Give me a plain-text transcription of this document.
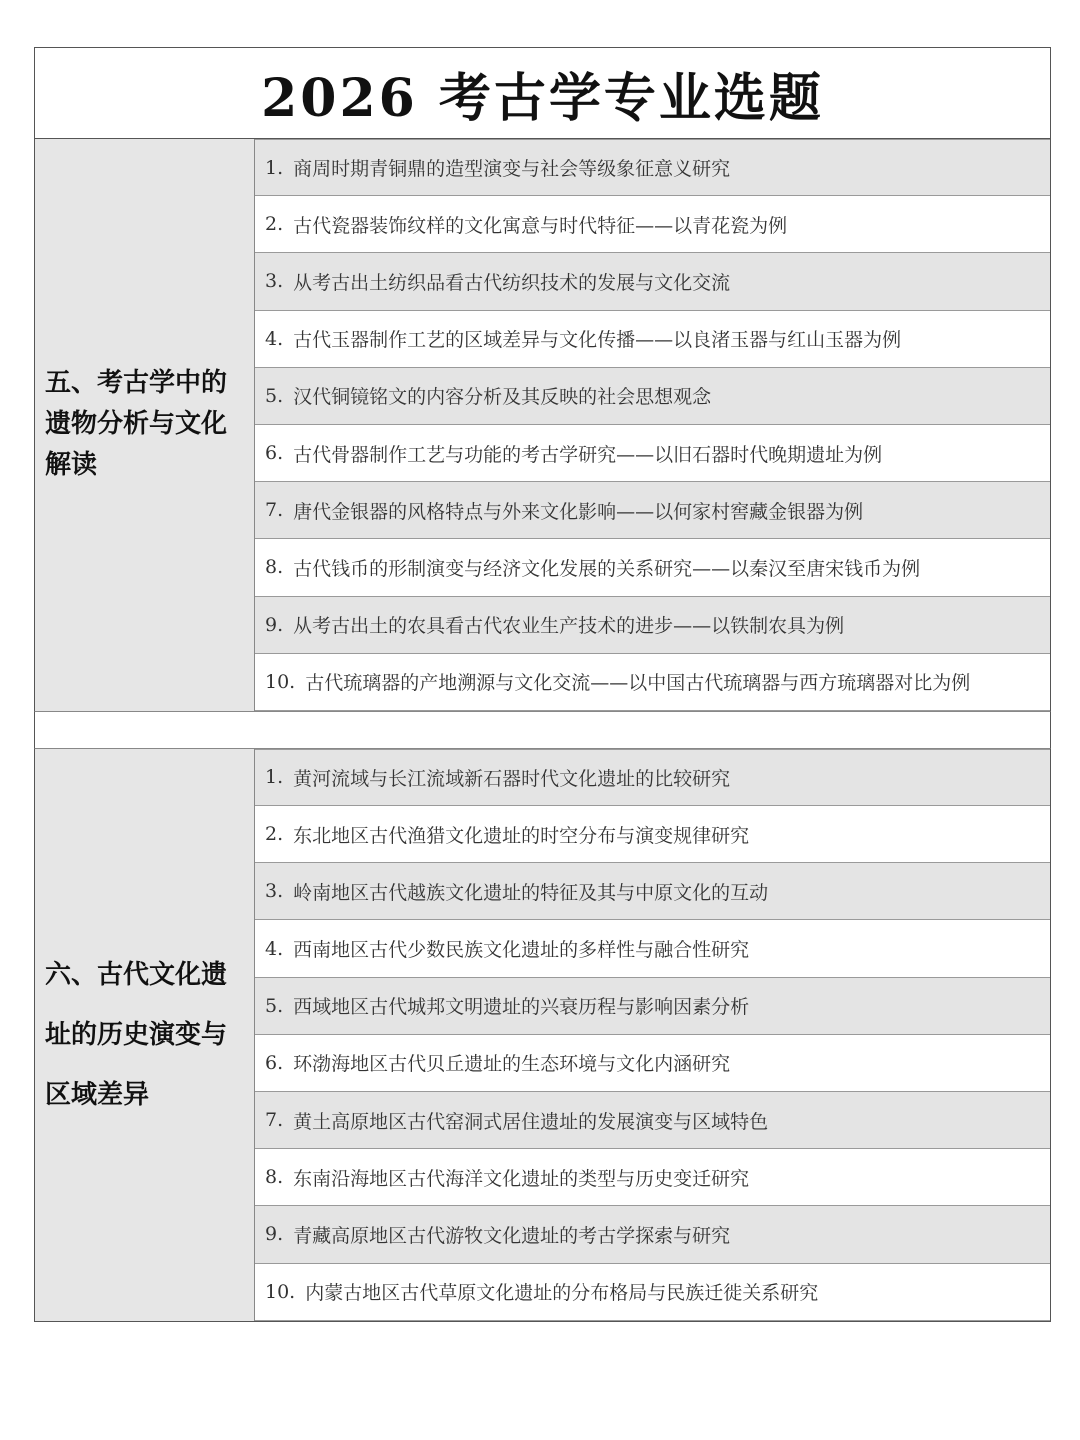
2026 考古学专业选题
五、考古学中的遗物分析与文化解读
1. 商周时期青铜鼎的造型演变与社会等级象征意义研究
2. 古代瓷器装饰纹样的文化寓意与时代特征——以青花瓷为例
3. 从考古出土纺织品看古代纺织技术的发展与文化交流
4. 古代玉器制作工艺的区域差异与文化传播——以良渚玉器与红山玉器为例
5. 汉代铜镜铭文的内容分析及其反映的社会思想观念
6. 古代骨器制作工艺与功能的考古学研究——以旧石器时代晚期遗址为例
7. 唐代金银器的风格特点与外来文化影响——以何家村窖藏金银器为例
8. 古代钱币的形制演变与经济文化发展的关系研究——以秦汉至唐宋钱币为例
9. 从考古出土的农具看古代农业生产技术的进步——以铁制农具为例
10. 古代琉璃器的产地溯源与文化交流——以中国古代琉璃器与西方琉璃器对比为例
六、古代文化遗址的历史演变与区域差异
1. 黄河流域与长江流域新石器时代文化遗址的比较研究
2. 东北地区古代渔猎文化遗址的时空分布与演变规律研究
3. 岭南地区古代越族文化遗址的特征及其与中原文化的互动
4. 西南地区古代少数民族文化遗址的多样性与融合性研究
5. 西域地区古代城邦文明遗址的兴衰历程与影响因素分析
6. 环渤海地区古代贝丘遗址的生态环境与文化内涵研究
7. 黄土高原地区古代窑洞式居住遗址的发展演变与区域特色
8. 东南沿海地区古代海洋文化遗址的类型与历史变迁研究
9. 青藏高原地区古代游牧文化遗址的考古学探索与研究
10. 内蒙古地区古代草原文化遗址的分布格局与民族迁徙关系研究
